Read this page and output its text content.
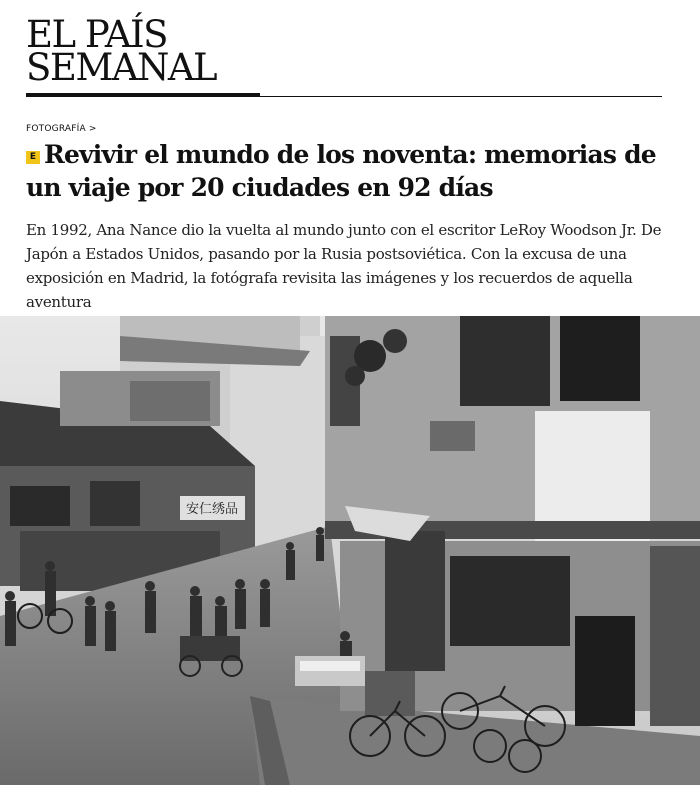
EL PAÍS
SEMANAL
FOTOGRAFÍA >
E Revivir el mundo de los noventa: memorias de un viaje por 20 ciudades en 92 días

En 1992, Ana Nance dio la vuelta al mundo junto con el escritor LeRoy Woodson Jr. De Japón a Estados Unidos, pasando por la Rusia postsoviética. Con la excusa de una exposición en Madrid, la fotógrafa revisita las imágenes y los recuerdos de aquella aventura

安仁绣品
